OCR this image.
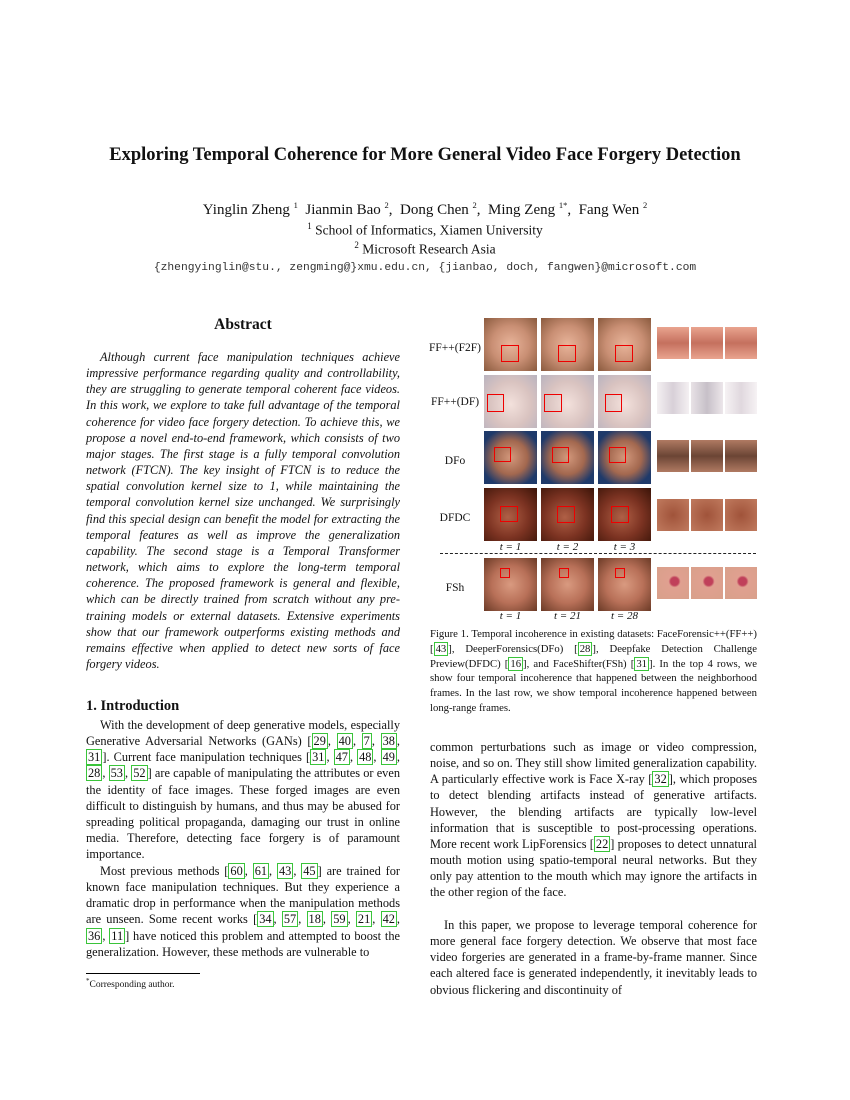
Exploring Temporal Coherence for More General Video Face Forgery Detection
Yinglin Zheng $^1$ Jianmin Bao $^2$,  Dong Chen $^2$,  Ming Zeng $^{1*}$,  Fang Wen $^2$
$^1$ School of Informatics, Xiamen University
$^2$ Microsoft Research Asia
{zhengyinglin@stu., zengming@}xmu.edu.cn, {jianbao, doch, fangwen}@microsoft.com
Abstract
Although current face manipulation techniques achieve impressive performance regarding quality and controllability, they are struggling to generate temporal coherent face videos. In this work, we explore to take full advantage of the temporal coherence for video face forgery detection. To achieve this, we propose a novel end-to-end framework, which consists of two major stages. The first stage is a fully temporal convolution network (FTCN). The key insight of FTCN is to reduce the spatial convolution kernel size to 1, while maintaining the temporal convolution kernel size unchanged. We surprisingly find this special design can benefit the model for extracting the temporal features as well as improve the generalization capability. The second stage is a Temporal Transformer network, which aims to explore the long-term temporal coherence. The proposed framework is general and flexible, which can be directly trained from scratch without any pre-training models or external datasets. Extensive experiments show that our framework outperforms existing methods and remains effective when applied to detect new sorts of face forgery videos.
1. Introduction
With the development of deep generative models, especially Generative Adversarial Networks (GANs) [ 29 , 40 , 7 , 38 , 31 ]. Current face manipulation techniques [ 31 , 47 , 48 , 49 , 28 , 53 , 52 ] are capable of manipulating the attributes or even the identity of face images. These forged images are even difficult to distinguish by humans, and thus may be abused for spreading political propaganda, damaging our trust in online media. Therefore, detecting face forgery is of paramount importance.
Most previous methods [ 60 , 61 , 43 , 45 ] are trained for known face manipulation techniques. But they experience a dramatic drop in performance when the manipulation methods are unseen. Some recent works [ 34 , 57 , 18 , 59 , 21 , 42 , 36 , 11 ] have noticed this problem and attempted to boost the generalization. However, these methods are vulnerable to
*Corresponding author.
FF++(F2F)
FF++(DF)
DFo
DFDC
FSh
t = 1	t = 2	t = 3
t = 1	t = 21	t = 28
Figure 1. Temporal incoherence in existing datasets: FaceForensic++(FF++) [ 43 ], DeeperForensics(DFo) [ 28 ], Deepfake Detection Challenge Preview(DFDC) [ 16 ], and FaceShifter(FSh) [ 31 ]. In the top 4 rows, we show four temporal incoherence that happened between the neighborhood frames. In the last row, we show temporal incoherence happened between long-range frames.
common perturbations such as image or video compression, noise, and so on. They still show limited generalization capability. A particularly effective work is Face X-ray [ 32 ], which proposes to detect blending artifacts instead of generative artifacts. However, the blending artifacts are typically low-level information that is susceptible to post-processing operations. More recent work LipForensics [ 22 ] proposes to detect unnatural mouth motion using spatio-temporal neural networks. But they only pay attention to the mouth which may ignore the artifacts in the other region of the face.
In this paper, we propose to leverage temporal coherence for more general face forgery detection. We observe that most face video forgeries are generated in a frame-by-frame manner. Since each altered face is generated independently, it inevitably leads to obvious flickering and discontinuity of
